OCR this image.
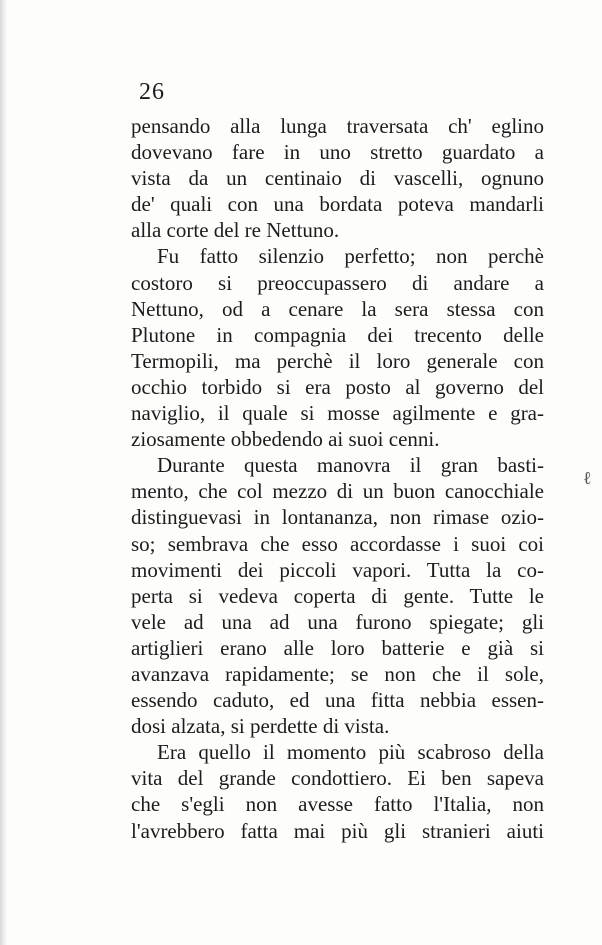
26
pensando alla lunga traversata ch' eglino
dovevano fare in uno stretto guardato a
vista da un centinaio di vascelli, ognuno
de' quali con una bordata poteva mandarli
alla corte del re Nettuno.
Fu fatto silenzio perfetto; non perchè
costoro si preoccupassero di andare a
Nettuno, od a cenare la sera stessa con
Plutone in compagnia dei trecento delle
Termopili, ma perchè il loro generale con
occhio torbido si era posto al governo del
naviglio, il quale si mosse agilmente e gra-
ziosamente obbedendo ai suoi cenni.
Durante questa manovra il gran basti-
mento, che col mezzo di un buon canocchiale
distinguevasi in lontananza, non rimase ozio-
so; sembrava che esso accordasse i suoi coi
movimenti dei piccoli vapori. Tutta la co-
perta si vedeva coperta di gente. Tutte le
vele ad una ad una furono spiegate; gli
artiglieri erano alle loro batterie e già si
avanzava rapidamente; se non che il sole,
essendo caduto, ed una fitta nebbia essen-
dosi alzata, si perdette di vista.
Era quello il momento più scabroso della
vita del grande condottiero. Ei ben sapeva
che s'egli non avesse fatto l'Italia, non
l'avrebbero fatta mai più gli stranieri aiuti
ℓ
